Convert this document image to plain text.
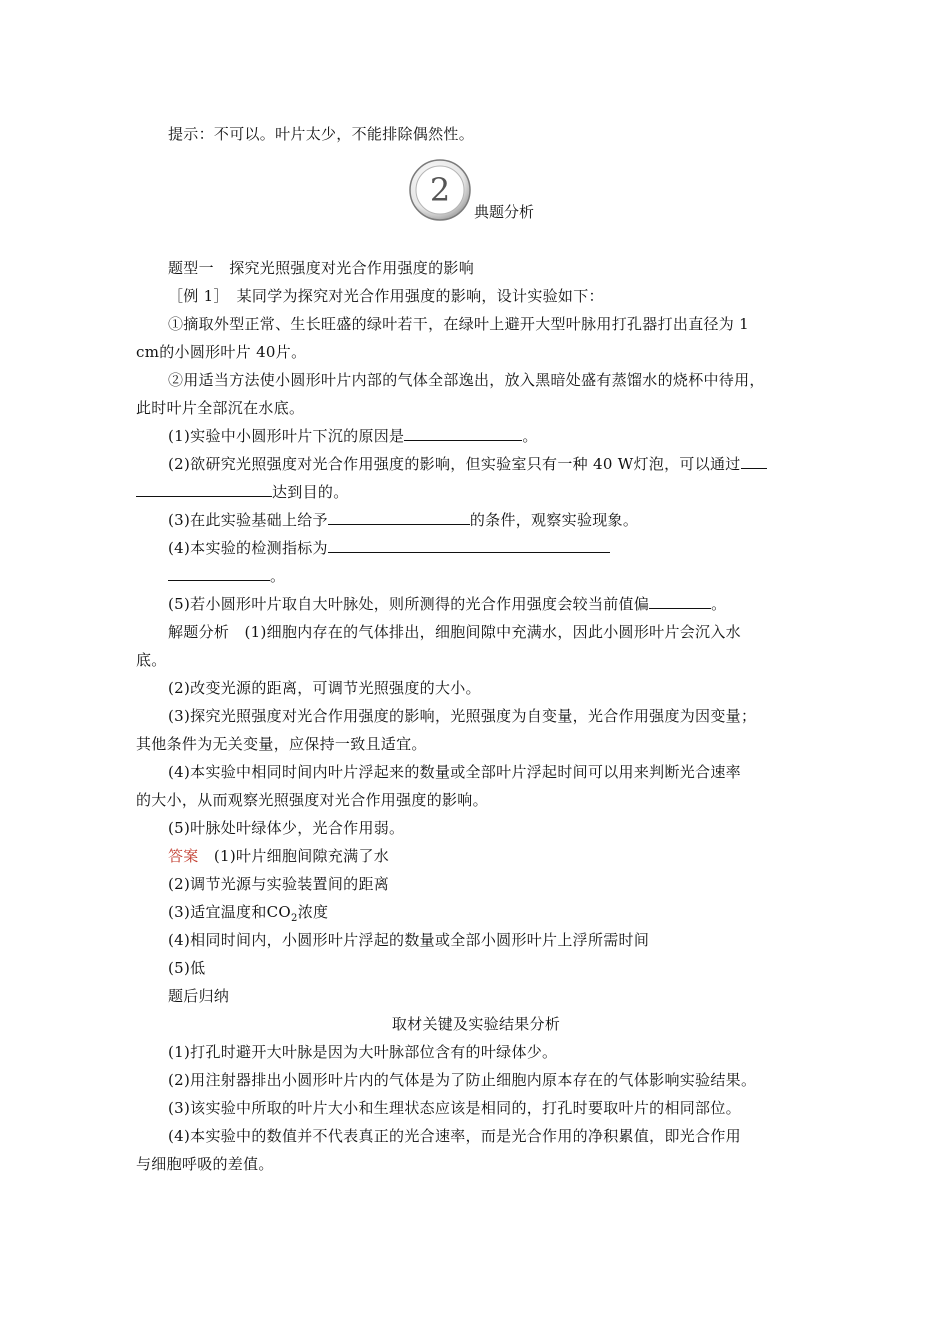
提示：不可以。叶片太少，不能排除偶然性。
2
典题分析
题型一　探究光照强度对光合作用强度的影响
［例 1］　某同学为探究对光合作用强度的影响，设计实验如下：
①摘取外型正常、生长旺盛的绿叶若干，在绿叶上避开大型叶脉用打孔器打出直径为 1
cm的小圆形叶片 40片。
②用适当方法使小圆形叶片内部的气体全部逸出，放入黑暗处盛有蒸馏水的烧杯中待用，
此时叶片全部沉在水底。
(1)实验中小圆形叶片下沉的原因是	。
(2)欲研究光照强度对光合作用强度的影响，但实验室只有一种 40 W灯泡，可以通过
达到目的。
(3)在此实验基础上给予	的条件，观察实验现象。
(4)本实验的检测指标为
。
(5)若小圆形叶片取自大叶脉处，则所测得的光合作用强度会较当前值偏	。
解题分析　(1)细胞内存在的气体排出，细胞间隙中充满水，因此小圆形叶片会沉入水
底。
(2)改变光源的距离，可调节光照强度的大小。
(3)探究光照强度对光合作用强度的影响，光照强度为自变量，光合作用强度为因变量；
其他条件为无关变量，应保持一致且适宜。
(4)本实验中相同时间内叶片浮起来的数量或全部叶片浮起时间可以用来判断光合速率
的大小，从而观察光照强度对光合作用强度的影响。
(5)叶脉处叶绿体少，光合作用弱。
答案　(1)叶片细胞间隙充满了水
(2)调节光源与实验装置间的距离
(3)适宜温度和$CO_2$浓度
(4)相同时间内，小圆形叶片浮起的数量或全部小圆形叶片上浮所需时间
(5)低
题后归纳
取材关键及实验结果分析
(1)打孔时避开大叶脉是因为大叶脉部位含有的叶绿体少。
(2)用注射器排出小圆形叶片内的气体是为了防止细胞内原本存在的气体影响实验结果。
(3)该实验中所取的叶片大小和生理状态应该是相同的，打孔时要取叶片的相同部位。
(4)本实验中的数值并不代表真正的光合速率，而是光合作用的净积累值，即光合作用
与细胞呼吸的差值。
